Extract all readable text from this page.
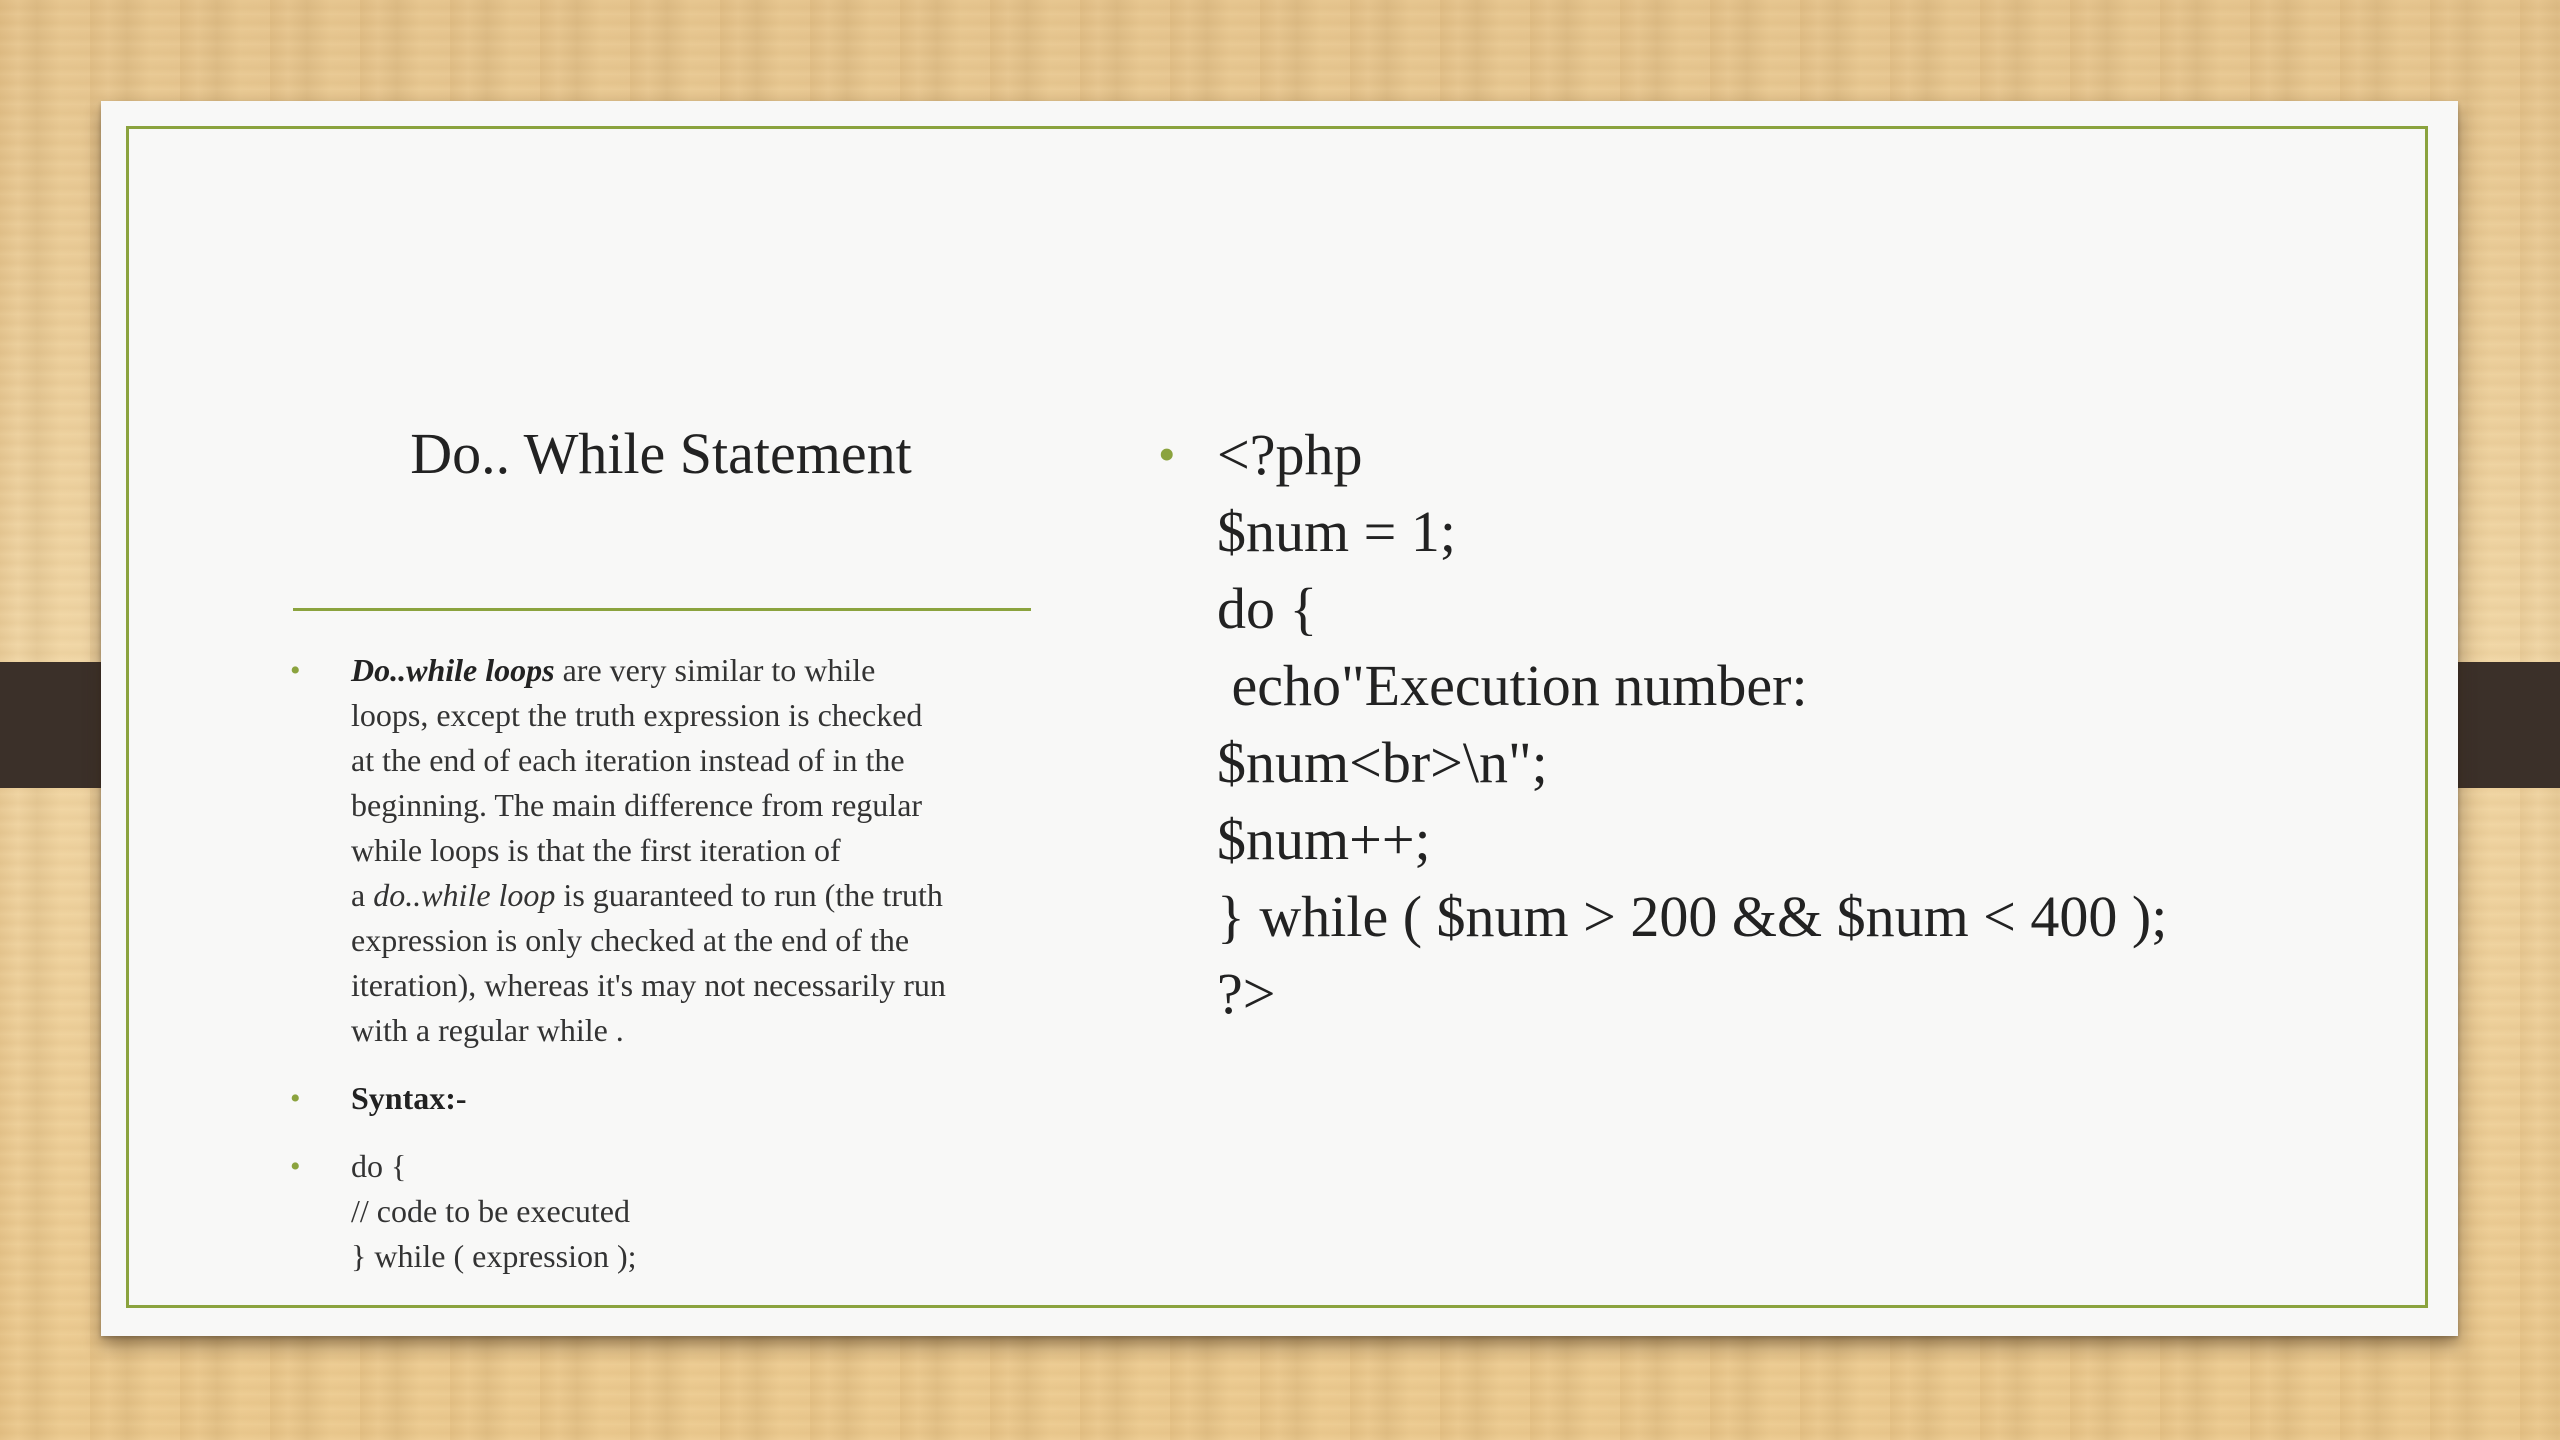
Do.. While Statement
• Do..while loops are very similar to while
loops, except the truth expression is checked
at the end of each iteration instead of in the
beginning. The main difference from regular
while loops is that the first iteration of
a do..while loop is guaranteed to run (the truth
expression is only checked at the end of the
iteration), whereas it's may not necessarily run
with a regular while .
• Syntax:-
• do {
// code to be executed
} while ( expression );
• <?php
$num = 1;
do {
echo"Execution number:
$num<br>\n";
$num++;
} while ( $num > 200 && $num < 400 );
?>
